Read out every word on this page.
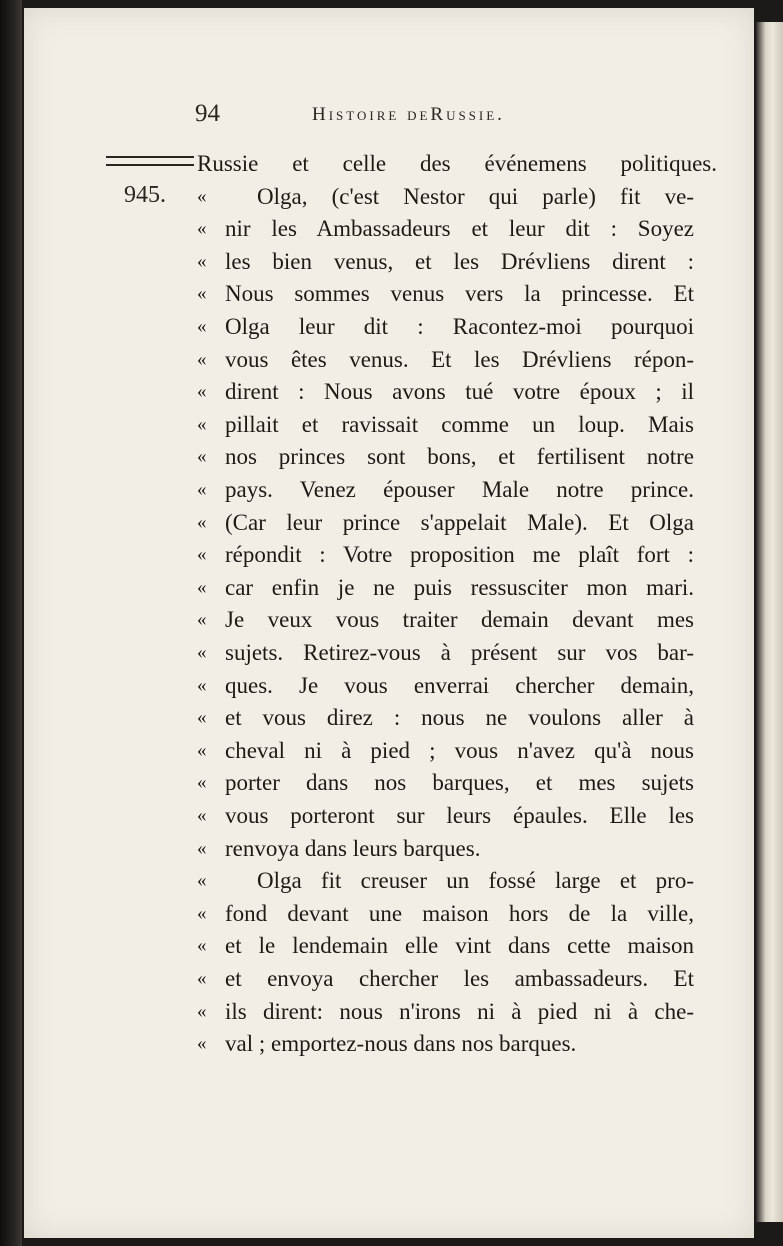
94	Histoire deRussie.
945.
Russie et celle des événemens politiques.
«	Olga, (c'est Nestor qui parle) fit ve-
« nir les Ambassadeurs et leur dit : Soyez
« les bien venus, et les Drévliens dirent :
« Nous sommes venus vers la princesse. Et
« Olga leur dit : Racontez-moi pourquoi
« vous êtes venus. Et les Drévliens répon-
« dirent : Nous avons tué votre époux ; il
« pillait et ravissait comme un loup. Mais
« nos princes sont bons, et fertilisent notre
« pays. Venez épouser Male notre prince.
« (Car leur prince s'appelait Male). Et Olga
« répondit : Votre proposition me plaît fort :
« car enfin je ne puis ressusciter mon mari.
« Je veux vous traiter demain devant mes
« sujets. Retirez-vous à présent sur vos bar-
« ques. Je vous enverrai chercher demain,
« et vous direz : nous ne voulons aller à
« cheval ni à pied ; vous n'avez qu'à nous
« porter dans nos barques, et mes sujets
« vous porteront sur leurs épaules. Elle les
« renvoya dans leurs barques.
«	Olga fit creuser un fossé large et pro-
« fond devant une maison hors de la ville,
« et le lendemain elle vint dans cette maison
« et envoya chercher les ambassadeurs. Et
« ils dirent: nous n'irons ni à pied ni à che-
« val ; emportez-nous dans nos barques.
